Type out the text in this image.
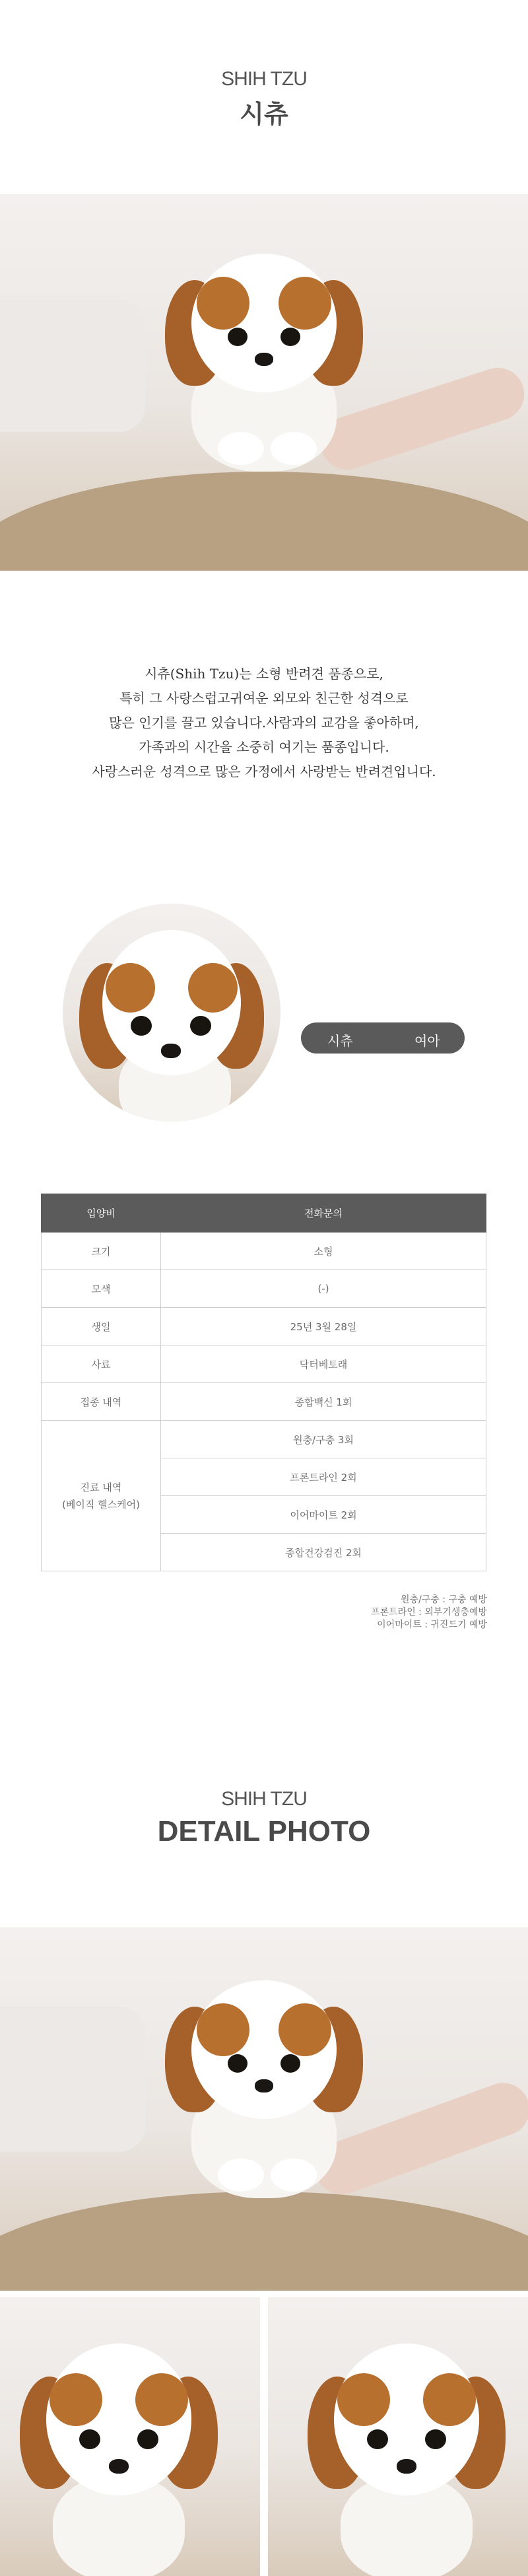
SHIH TZU
시츄

시츄(Shih Tzu)는 소형 반려견 품종으로,

특히 그 사랑스럽고귀여운 외모와 친근한 성격으로

많은 인기를 끌고 있습니다.사람과의 교감을 좋아하며,

가족과의 시간을 소중히 여기는 품종입니다.

사랑스러운 성격으로 많은 가정에서 사랑받는 반려견입니다.

시츄	여아
입양비	전화문의
크기	소형
모색	(-)
생일	25년 3월 28일
사료	닥터베토래
접종 내역	종합백신 1회

진료 내역
(베이직 헬스케어)	원충/구충 3회
	프론트라인 2회
	이어마이트 2회
	종합건강검진 2회
원충/구충 : 구충 예방
프론트라인 : 외부기생충예방
이어마이트 : 귀진드기 예방
SHIH TZU
DETAIL PHOTO
